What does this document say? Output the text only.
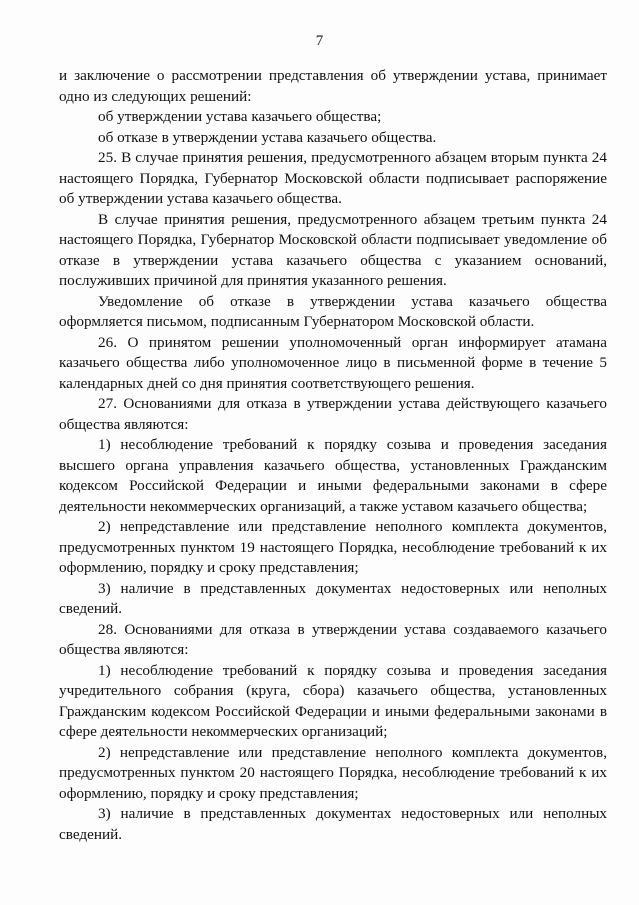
7

и заключение о рассмотрении представления об утверждении устава, принимает одно из следующих решений:

об утверждении устава казачьего общества;

об отказе в утверждении устава казачьего общества.

25. В случае принятия решения, предусмотренного абзацем вторым пункта 24 настоящего Порядка, Губернатор Московской области подписывает распоряжение об утверждении устава казачьего общества.

В случае принятия решения, предусмотренного абзацем третьим пункта 24 настоящего Порядка, Губернатор Московской области подписывает уведомление об отказе в утверждении устава казачьего общества с указанием оснований, послуживших причиной для принятия указанного решения.

Уведомление об отказе в утверждении устава казачьего общества оформляется письмом, подписанным Губернатором Московской области.

26. О принятом решении уполномоченный орган информирует атамана казачьего общества либо уполномоченное лицо в письменной форме в течение 5 календарных дней со дня принятия соответствующего решения.

27. Основаниями для отказа в утверждении устава действующего казачьего общества являются:

1) несоблюдение требований к порядку созыва и проведения заседания высшего органа управления казачьего общества, установленных Гражданским кодексом Российской Федерации и иными федеральными законами в сфере деятельности некоммерческих организаций, а также уставом казачьего общества;

2) непредставление или представление неполного комплекта документов, предусмотренных пунктом 19 настоящего Порядка, несоблюдение требований к их оформлению, порядку и сроку представления;

3) наличие в представленных документах недостоверных или неполных сведений.

28. Основаниями для отказа в утверждении устава создаваемого казачьего общества являются:

1) несоблюдение требований к порядку созыва и проведения заседания учредительного собрания (круга, сбора) казачьего общества, установленных Гражданским кодексом Российской Федерации и иными федеральными законами в сфере деятельности некоммерческих организаций;

2) непредставление или представление неполного комплекта документов, предусмотренных пунктом 20 настоящего Порядка, несоблюдение требований к их оформлению, порядку и сроку представления;

3) наличие в представленных документах недостоверных или неполных сведений.
